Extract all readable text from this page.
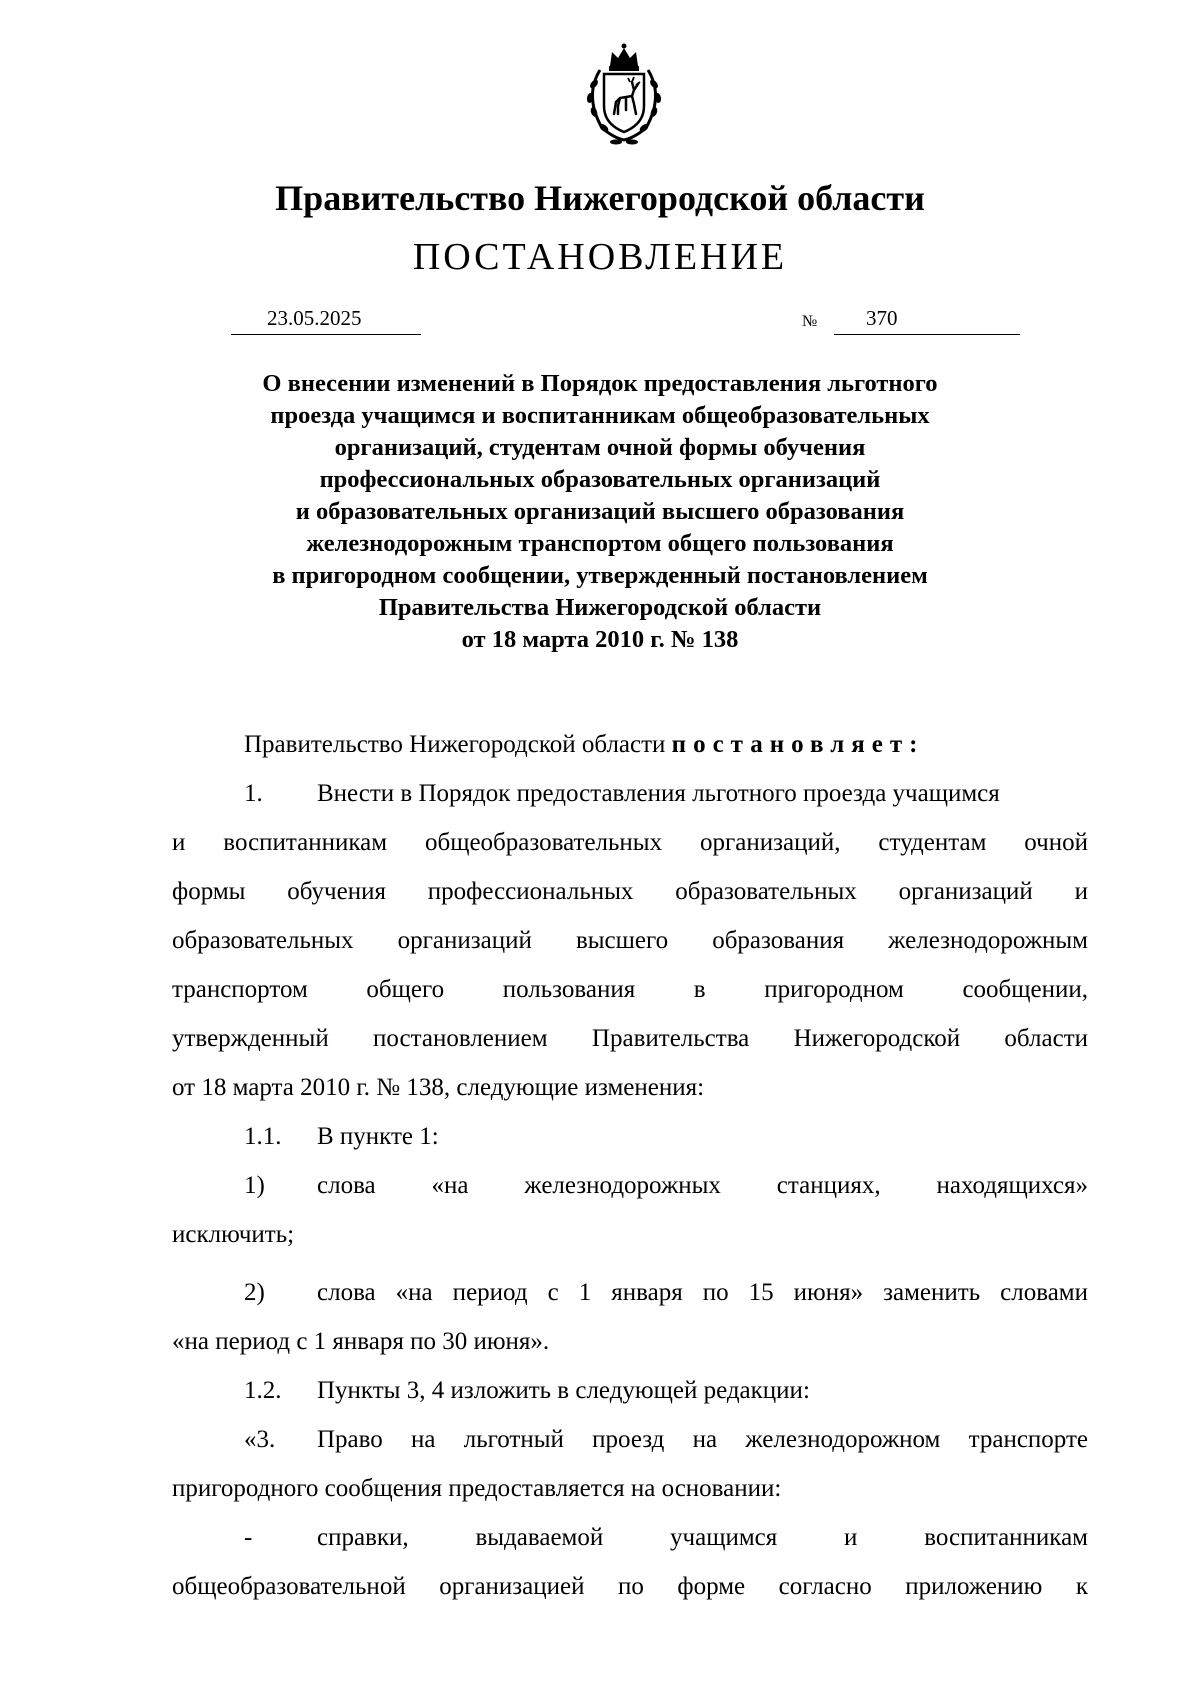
Правительство Нижегородской области
ПОСТАНОВЛЕНИЕ
23.05.2025	№ 370
О внесении изменений в Порядок предоставления льготного
проезда учащимся и воспитанникам общеобразовательных
организаций, студентам очной формы обучения
профессиональных образовательных организаций
и образовательных организаций высшего образования
железнодорожным транспортом общего пользования
в пригородном сообщении, утвержденный постановлением
Правительства Нижегородской области
от 18 марта 2010 г. № 138
Правительство Нижегородской области постановляет:
1. Внести в Порядок предоставления льготного проезда учащимся
и воспитанникам общеобразовательных организаций, студентам очной
формы обучения профессиональных образовательных организаций и
образовательных организаций высшего образования железнодорожным
транспортом общего пользования в пригородном сообщении,
утвержденный постановлением Правительства Нижегородской области
от 18 марта 2010 г. № 138, следующие изменения:
1.1. В пункте 1:
1) слова «на железнодорожных станциях, находящихся»
исключить;
2) слова «на период с 1 января по 15 июня» заменить словами
«на период с 1 января по 30 июня».
1.2. Пункты 3, 4 изложить в следующей редакции:
«3. Право на льготный проезд на железнодорожном транспорте
пригородного сообщения предоставляется на основании:
-	справки, выдаваемой учащимся и воспитанникам
общеобразовательной организацией по форме согласно приложению к
